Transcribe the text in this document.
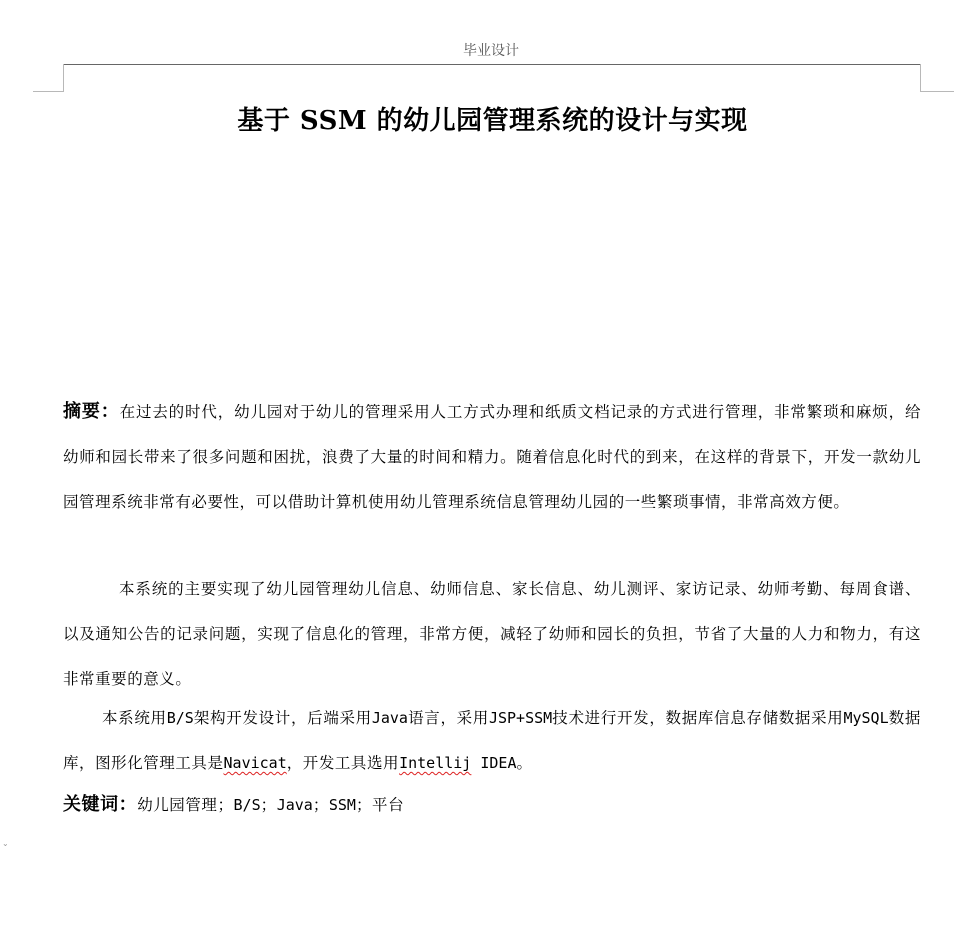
毕业设计
基于 SSM 的幼儿园管理系统的设计与实现
摘要：在过去的时代，幼儿园对于幼儿的管理采用人工方式办理和纸质文档记录的方式进行管理，非常繁琐和麻烦，给幼师和园长带来了很多问题和困扰，浪费了大量的时间和精力。随着信息化时代的到来，在这样的背景下，开发一款幼儿园管理系统非常有必要性，可以借助计算机使用幼儿管理系统信息管理幼儿园的一些繁琐事情，非常高效方便。
本系统的主要实现了幼儿园管理幼儿信息、幼师信息、家长信息、幼儿测评、家访记录、幼师考勤、每周食谱、以及通知公告的记录问题，实现了信息化的管理，非常方便，减轻了幼师和园长的负担，节省了大量的人力和物力，有这非常重要的意义。
本系统用B/S架构开发设计，后端采用Java语言，采用JSP+SSM技术进行开发，数据库信息存储数据采用MySQL数据库，图形化管理工具是Navicat，开发工具选用Intellij IDEA。
关键词：幼儿园管理；B/S；Java；SSM；平台
⌄
